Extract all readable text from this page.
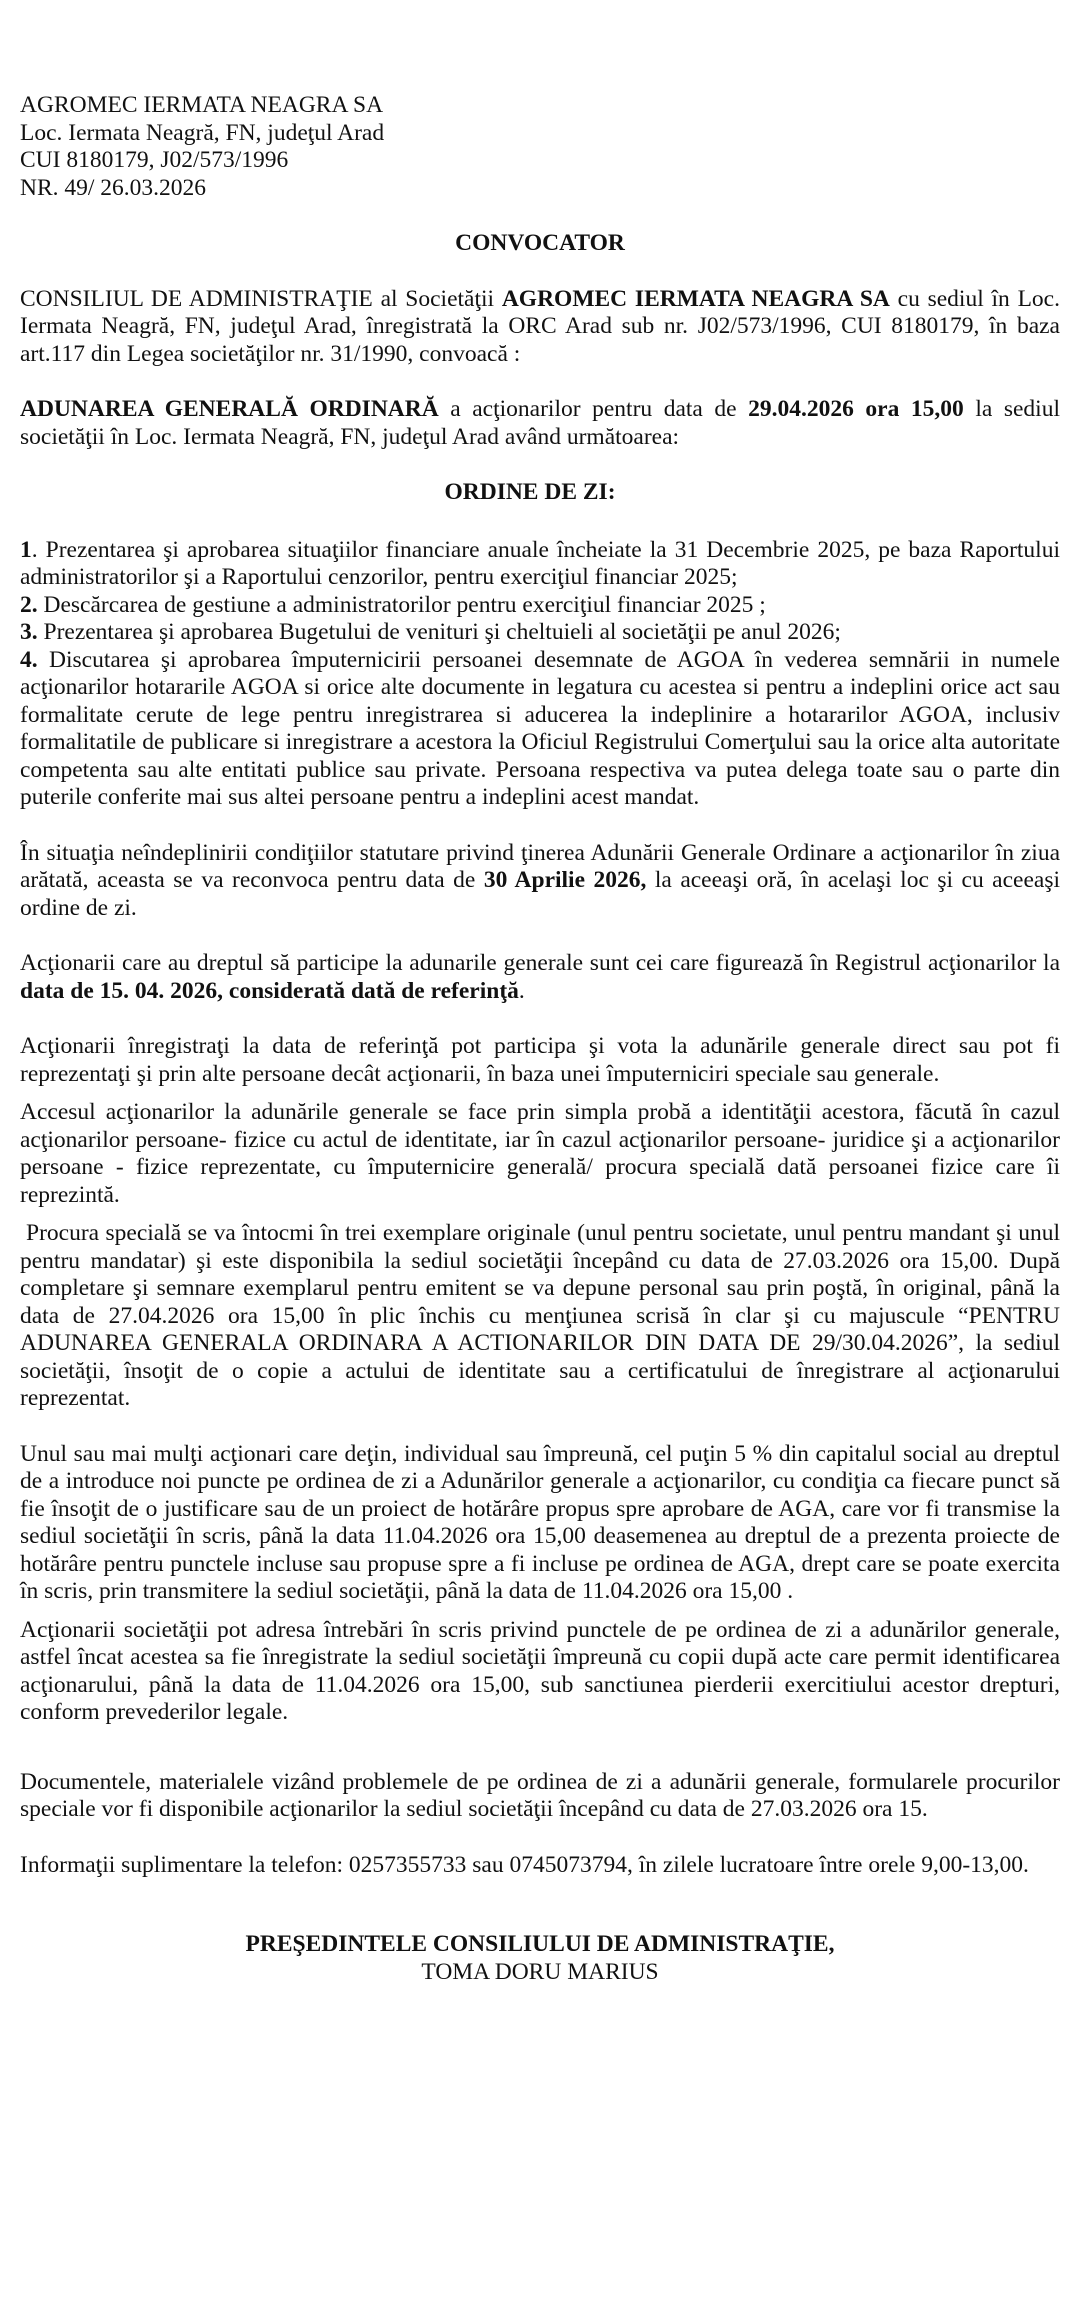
AGROMEC IERMATA NEAGRA SA
Loc. Iermata Neagră, FN, judeţul Arad
CUI 8180179, J02/573/1996
NR. 49/ 26.03.2026
CONVOCATOR
CONSILIUL DE ADMINISTRAŢIE al Societăţii AGROMEC IERMATA NEAGRA SA cu sediul în Loc. Iermata Neagră, FN, judeţul Arad, înregistrată la ORC Arad sub nr. J02/573/1996, CUI 8180179, în baza art.117 din Legea societăţilor nr. 31/1990, convoacă :
ADUNAREA GENERALĂ ORDINARĂ a acţionarilor pentru data de 29.04.2026 ora 15,00 la sediul societăţii în Loc. Iermata Neagră, FN, judeţul Arad având următoarea:
ORDINE DE ZI:
1. Prezentarea şi aprobarea situaţiilor financiare anuale încheiate la 31 Decembrie 2025, pe baza Raportului administratorilor şi a Raportului cenzorilor, pentru exerciţiul financiar 2025;
2. Descărcarea de gestiune a administratorilor pentru exerciţiul financiar 2025 ;
3. Prezentarea şi aprobarea Bugetului de venituri şi cheltuieli al societăţii pe anul 2026;
4. Discutarea şi aprobarea împuternicirii persoanei desemnate de AGOA în vederea semnării in numele acţionarilor hotararile AGOA si orice alte documente in legatura cu acestea si pentru a indeplini orice act sau formalitate cerute de lege pentru inregistrarea si aducerea la indeplinire a hotararilor AGOA, inclusiv formalitatile de publicare si inregistrare a acestora la Oficiul Registrului Comerţului sau la orice alta autoritate competenta sau alte entitati publice sau private. Persoana respectiva va putea delega toate sau o parte din puterile conferite mai sus altei persoane pentru a indeplini acest mandat.
În situaţia neîndeplinirii condiţiilor statutare privind ţinerea Adunării Generale Ordinare a acţionarilor în ziua arătată, aceasta se va reconvoca pentru data de 30 Aprilie 2026, la aceeaşi oră, în acelaşi loc şi cu aceeaşi ordine de zi.
Acţionarii care au dreptul să participe la adunarile generale sunt cei care figurează în Registrul acţionarilor la data de 15. 04. 2026, considerată dată de referinţă.
Acţionarii înregistraţi la data de referinţă pot participa şi vota la adunările generale direct sau pot fi reprezentaţi şi prin alte persoane decât acţionarii, în baza unei împuterniciri speciale sau generale.
Accesul acţionarilor la adunările generale se face prin simpla probă a identităţii acestora, făcută în cazul acţionarilor persoane- fizice cu actul de identitate, iar în cazul acţionarilor persoane- juridice şi a acţionarilor persoane - fizice reprezentate, cu împuternicire generală/ procura specială dată persoanei fizice care îi reprezintă.
Procura specială se va întocmi în trei exemplare originale (unul pentru societate, unul pentru mandant şi unul pentru mandatar) şi este disponibila la sediul societăţii începând cu data de 27.03.2026 ora 15,00. După completare şi semnare exemplarul pentru emitent se va depune personal sau prin poştă, în original, până la data de 27.04.2026 ora 15,00 în plic închis cu menţiunea scrisă în clar şi cu majuscule “PENTRU ADUNAREA GENERALA ORDINARA A ACTIONARILOR DIN DATA DE 29/30.04.2026”, la sediul societăţii, însoţit de o copie a actului de identitate sau a certificatului de înregistrare al acţionarului reprezentat.
Unul sau mai mulţi acţionari care deţin, individual sau împreună, cel puţin 5 % din capitalul social au dreptul de a introduce noi puncte pe ordinea de zi a Adunărilor generale a acţionarilor, cu condiţia ca fiecare punct să fie însoţit de o justificare sau de un proiect de hotărâre propus spre aprobare de AGA, care vor fi transmise la sediul societăţii în scris, până la data 11.04.2026 ora 15,00 deasemenea au dreptul de a prezenta proiecte de hotărâre pentru punctele incluse sau propuse spre a fi incluse pe ordinea de AGA, drept care se poate exercita în scris, prin transmitere la sediul societăţii, până la data de 11.04.2026 ora 15,00 .
Acţionarii societăţii pot adresa întrebări în scris privind punctele de pe ordinea de zi a adunărilor generale, astfel încat acestea sa fie înregistrate la sediul societăţii împreună cu copii după acte care permit identificarea acţionarului, până la data de 11.04.2026 ora 15,00, sub sanctiunea pierderii exercitiului acestor drepturi, conform prevederilor legale.
Documentele, materialele vizând problemele de pe ordinea de zi a adunării generale, formularele procurilor speciale vor fi disponibile acţionarilor la sediul societăţii începând cu data de 27.03.2026 ora 15.
Informaţii suplimentare la telefon: 0257355733 sau 0745073794, în zilele lucratoare între orele 9,00-13,00.
PREŞEDINTELE CONSILIULUI DE ADMINISTRAŢIE,
TOMA DORU MARIUS
